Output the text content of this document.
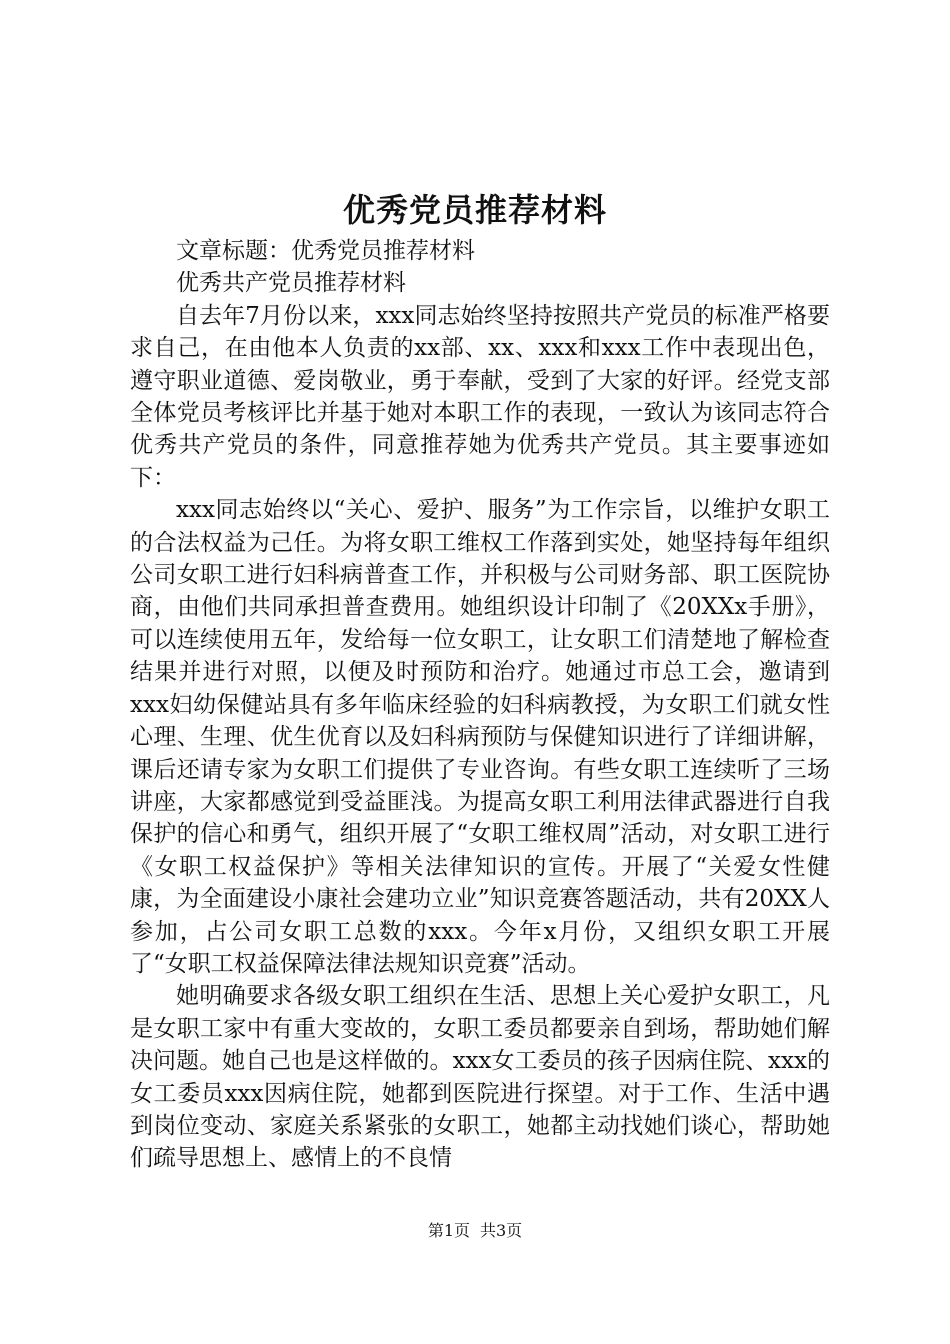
优秀党员推荐材料

文章标题：优秀党员推荐材料

优秀共产党员推荐材料

自去年7月份以来，xxx同志始终坚持按照共产党员的标准严格要求自己，在由他本人负责的xx部、xx、xxx和xxx工作中表现出色，遵守职业道德、爱岗敬业，勇于奉献，受到了大家的好评。经党支部全体党员考核评比并基于她对本职工作的表现，一致认为该同志符合优秀共产党员的条件，同意推荐她为优秀共产党员。其主要事迹如下：

xxx同志始终以“关心、爱护、服务”为工作宗旨，以维护女职工的合法权益为己任。为将女职工维权工作落到实处，她坚持每年组织公司女职工进行妇科病普查工作，并积极与公司财务部、职工医院协商，由他们共同承担普查费用。她组织设计印制了《20XXx手册》，可以连续使用五年，发给每一位女职工，让女职工们清楚地了解检查结果并进行对照，以便及时预防和治疗。她通过市总工会，邀请到xxx妇幼保健站具有多年临床经验的妇科病教授，为女职工们就女性心理、生理、优生优育以及妇科病预防与保健知识进行了详细讲解，课后还请专家为女职工们提供了专业咨询。有些女职工连续听了三场讲座，大家都感觉到受益匪浅。为提高女职工利用法律武器进行自我保护的信心和勇气，组织开展了“女职工维权周”活动，对女职工进行《女职工权益保护》等相关法律知识的宣传。开展了“关爱女性健康，为全面建设小康社会建功立业”知识竞赛答题活动，共有20XX人参加，占公司女职工总数的xxx。今年x月份，又组织女职工开展了“女职工权益保障法律法规知识竞赛”活动。

她明确要求各级女职工组织在生活、思想上关心爱护女职工，凡是女职工家中有重大变故的，女职工委员都要亲自到场，帮助她们解决问题。她自己也是这样做的。xxx女工委员的孩子因病住院、xxx的女工委员xxx因病住院，她都到医院进行探望。对于工作、生活中遇到岗位变动、家庭关系紧张的女职工，她都主动找她们谈心，帮助她们疏导思想上、感情上的不良情

第1页 共3页
